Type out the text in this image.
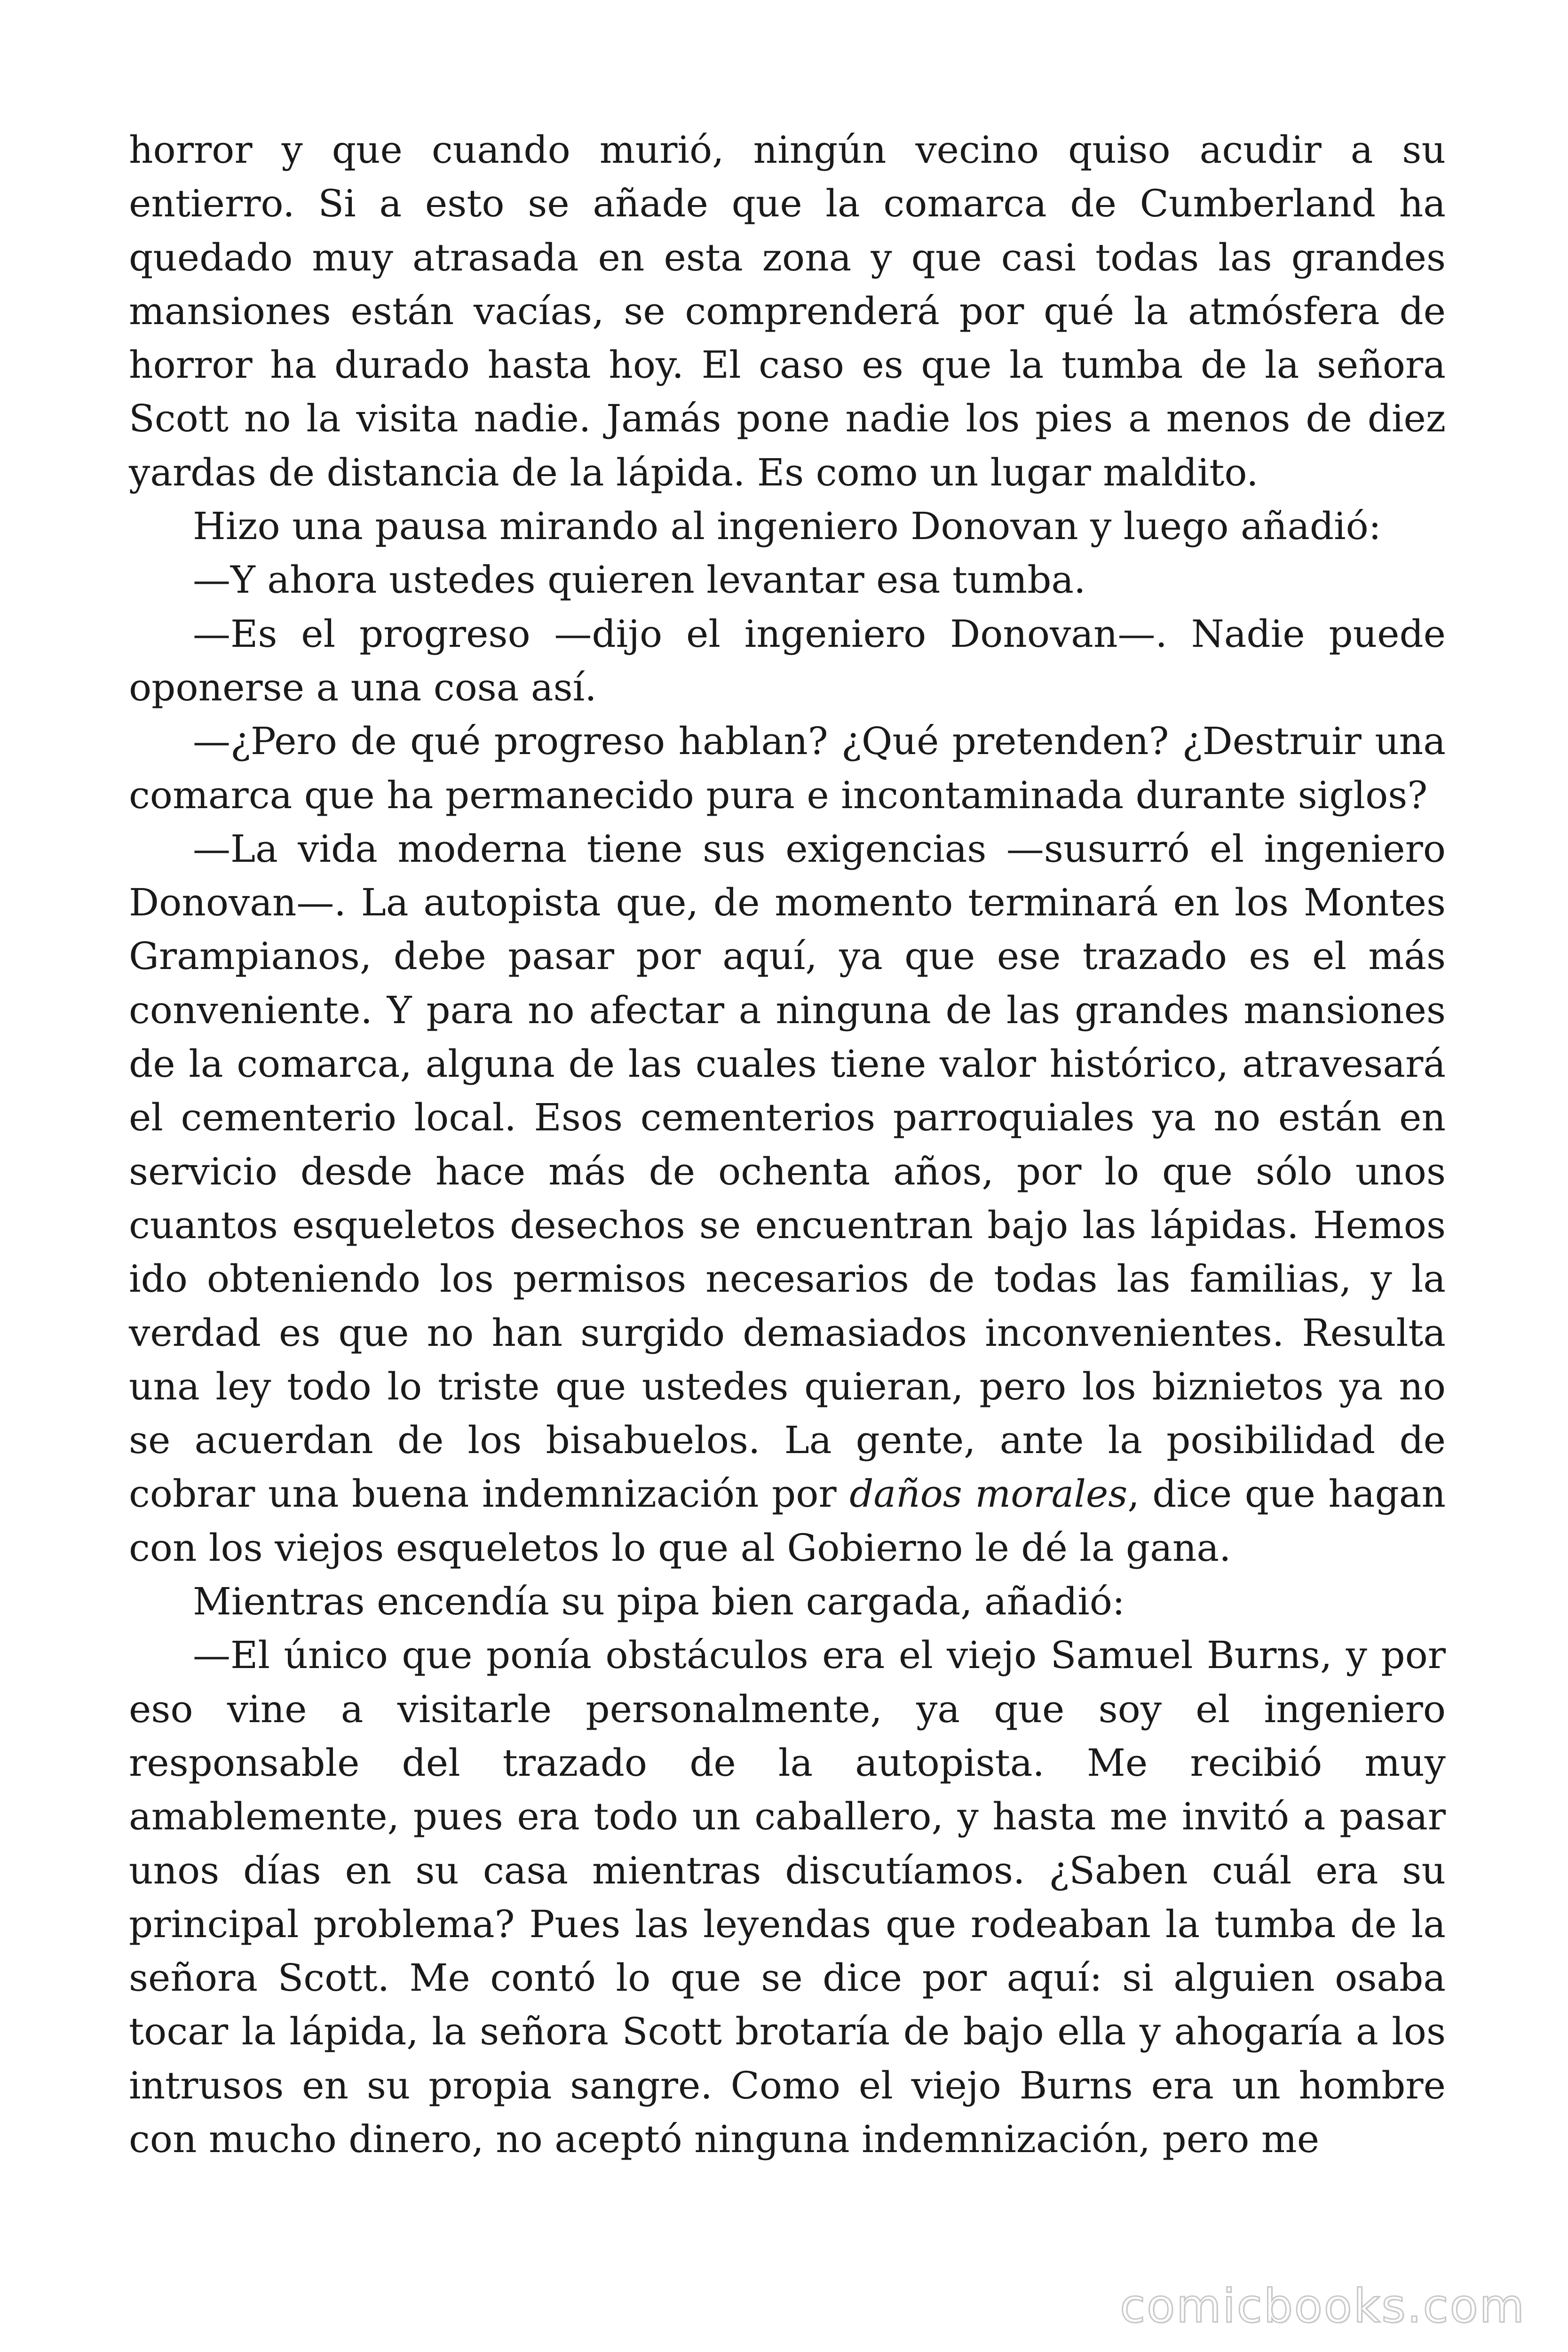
horror y que cuando murió, ningún vecino quiso acudir a su entierro. Si a esto se añade que la comarca de Cumberland ha quedado muy atrasada en esta zona y que casi todas las grandes mansiones están vacías, se comprenderá por qué la atmósfera de horror ha durado hasta hoy. El caso es que la tumba de la señora Scott no la visita nadie. Jamás pone nadie los pies a menos de diez yardas de distancia de la lápida. Es como un lugar maldito.

Hizo una pausa mirando al ingeniero Donovan y luego añadió:

—Y ahora ustedes quieren levantar esa tumba.

—Es el progreso —dijo el ingeniero Donovan—. Nadie puede oponerse a una cosa así.

—¿Pero de qué progreso hablan? ¿Qué pretenden? ¿Destruir una comarca que ha permanecido pura e incontaminada durante siglos?

—La vida moderna tiene sus exigencias —susurró el ingeniero Donovan—. La autopista que, de momento terminará en los Montes Grampianos, debe pasar por aquí, ya que ese trazado es el más conveniente. Y para no afectar a ninguna de las grandes mansiones de la comarca, alguna de las cuales tiene valor histórico, atravesará el cementerio local. Esos cementerios parroquiales ya no están en servicio desde hace más de ochenta años, por lo que sólo unos cuantos esqueletos desechos se encuentran bajo las lápidas. Hemos ido obteniendo los permisos necesarios de todas las familias, y la verdad es que no han surgido demasiados inconvenientes. Resulta una ley todo lo triste que ustedes quieran, pero los biznietos ya no se acuerdan de los bisabuelos. La gente, ante la posibilidad de cobrar una buena indemnización por daños morales, dice que hagan con los viejos esqueletos lo que al Gobierno le dé la gana.

Mientras encendía su pipa bien cargada, añadió:

—El único que ponía obstáculos era el viejo Samuel Burns, y por eso vine a visitarle personalmente, ya que soy el ingeniero responsable del trazado de la autopista. Me recibió muy amablemente, pues era todo un caballero, y hasta me invitó a pasar unos días en su casa mientras discutíamos. ¿Saben cuál era su principal problema? Pues las leyendas que rodeaban la tumba de la señora Scott. Me contó lo que se dice por aquí: si alguien osaba tocar la lápida, la señora Scott brotaría de bajo ella y ahogaría a los intrusos en su propia sangre. Como el viejo Burns era un hombre con mucho dinero, no aceptó ninguna indemnización, pero me

comicbooks.com
